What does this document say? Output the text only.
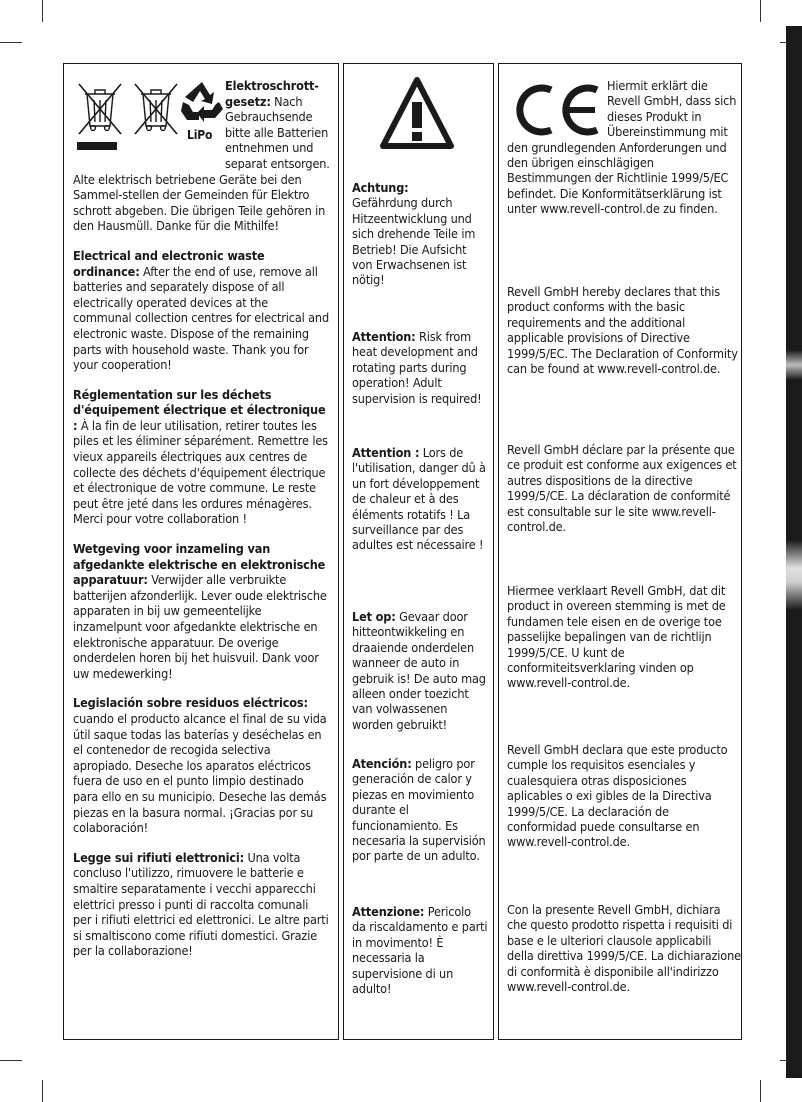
LiPo
Elektroschrott-gesetz: Nach Gebrauchsende bitte alle Batterien entnehmen und separat entsorgen. Alte elektrisch betriebene Geräte bei den Sammel-stellen der Gemeinden für Elektro schrott abgeben. Die übrigen Teile gehören in den Hausmüll. Danke für die Mithilfe!
Electrical and electronic waste ordinance: After the end of use, remove all batteries and separately dispose of all electrically operated devices at the communal collection centres for electrical and electronic waste. Dispose of the remaining parts with household waste. Thank you for your cooperation!
Réglementation sur les déchets d'équipement électrique et électronique : À la fin de leur utilisation, retirer toutes les piles et les éliminer séparément. Remettre les vieux appareils électriques aux centres de collecte des déchets d'équipement électrique et électronique de votre commune. Le reste peut être jeté dans les ordures ménagères. Merci pour votre collaboration !
Wetgeving voor inzameling van afgedankte elektrische en elektronische apparatuur: Verwijder alle verbruikte batterijen afzonderlijk. Lever oude elektrische apparaten in bij uw gemeentelijke inzamelpunt voor afgedankte elektrische en elektronische apparatuur. De overige onderdelen horen bij het huisvuil. Dank voor uw medewerking!
Legislación sobre residuos eléctricos: cuando el producto alcance el final de su vida útil saque todas las baterías y deséchelas en el contenedor de recogida selectiva apropiado. Deseche los aparatos eléctricos fuera de uso en el punto limpio destinado para ello en su municipio. Deseche las demás piezas en la basura normal. ¡Gracias por su colaboración!
Legge sui rifiuti elettronici: Una volta concluso l'utilizzo, rimuovere le batterie e smaltire separatamente i vecchi apparecchi elettrici presso i punti di raccolta comunali per i rifiuti elettrici ed elettronici. Le altre parti si smaltiscono come rifiuti domestici. Grazie per la collaborazione!
Achtung:
Gefährdung durch Hitzeentwicklung und sich drehende Teile im Betrieb! Die Aufsicht von Erwachsenen ist nötig!
Attention: Risk from heat development and rotating parts during operation! Adult supervision is required!
Attention : Lors de l'utilisation, danger dû à un fort développement de chaleur et à des éléments rotatifs ! La surveillance par des adultes est nécessaire !
Let op: Gevaar door hitteontwikkeling en draaiende onderdelen wanneer de auto in gebruik is! De auto mag alleen onder toezicht van volwassenen worden gebruikt!
Atención: peligro por generación de calor y piezas en movimiento durante el funcionamiento. Es necesaria la supervisión por parte de un adulto.
Attenzione: Pericolo da riscaldamento e parti in movimento! È necessaria la supervisione di un adulto!
Hiermit erklärt die Revell GmbH, dass sich dieses Produkt in Übereinstimmung mit den grundlegenden Anforderungen und den übrigen einschlägigen Bestimmungen der Richtlinie 1999/5/EC befindet. Die Konformitätserklärung ist unter www.revell-control.de zu finden.
Revell GmbH hereby declares that this product conforms with the basic requirements and the additional applicable provisions of Directive 1999/5/EC. The Declaration of Conformity can be found at www.revell-control.de.
Revell GmbH déclare par la présente que ce produit est conforme aux exigences et autres dispositions de la directive 1999/5/CE. La déclaration de conformité est consultable sur le site www.revell-control.de.
Hiermee verklaart Revell GmbH, dat dit product in overeen stemming is met de fundamen tele eisen en de overige toe passelijke bepalingen van de richtlijn 1999/5/CE. U kunt de conformiteitsverklaring vinden op www.revell-control.de.
Revell GmbH declara que este producto cumple los requisitos esenciales y cualesquiera otras disposiciones aplicables o exi gibles de la Directiva 1999/5/CE. La declaración de conformidad puede consultarse en www.revell-control.de.
Con la presente Revell GmbH, dichiara che questo prodotto rispetta i requisiti di base e le ulteriori clausole applicabili della direttiva 1999/5/CE. La dichiarazione di conformità è disponibile all'indirizzo www.revell-control.de.
